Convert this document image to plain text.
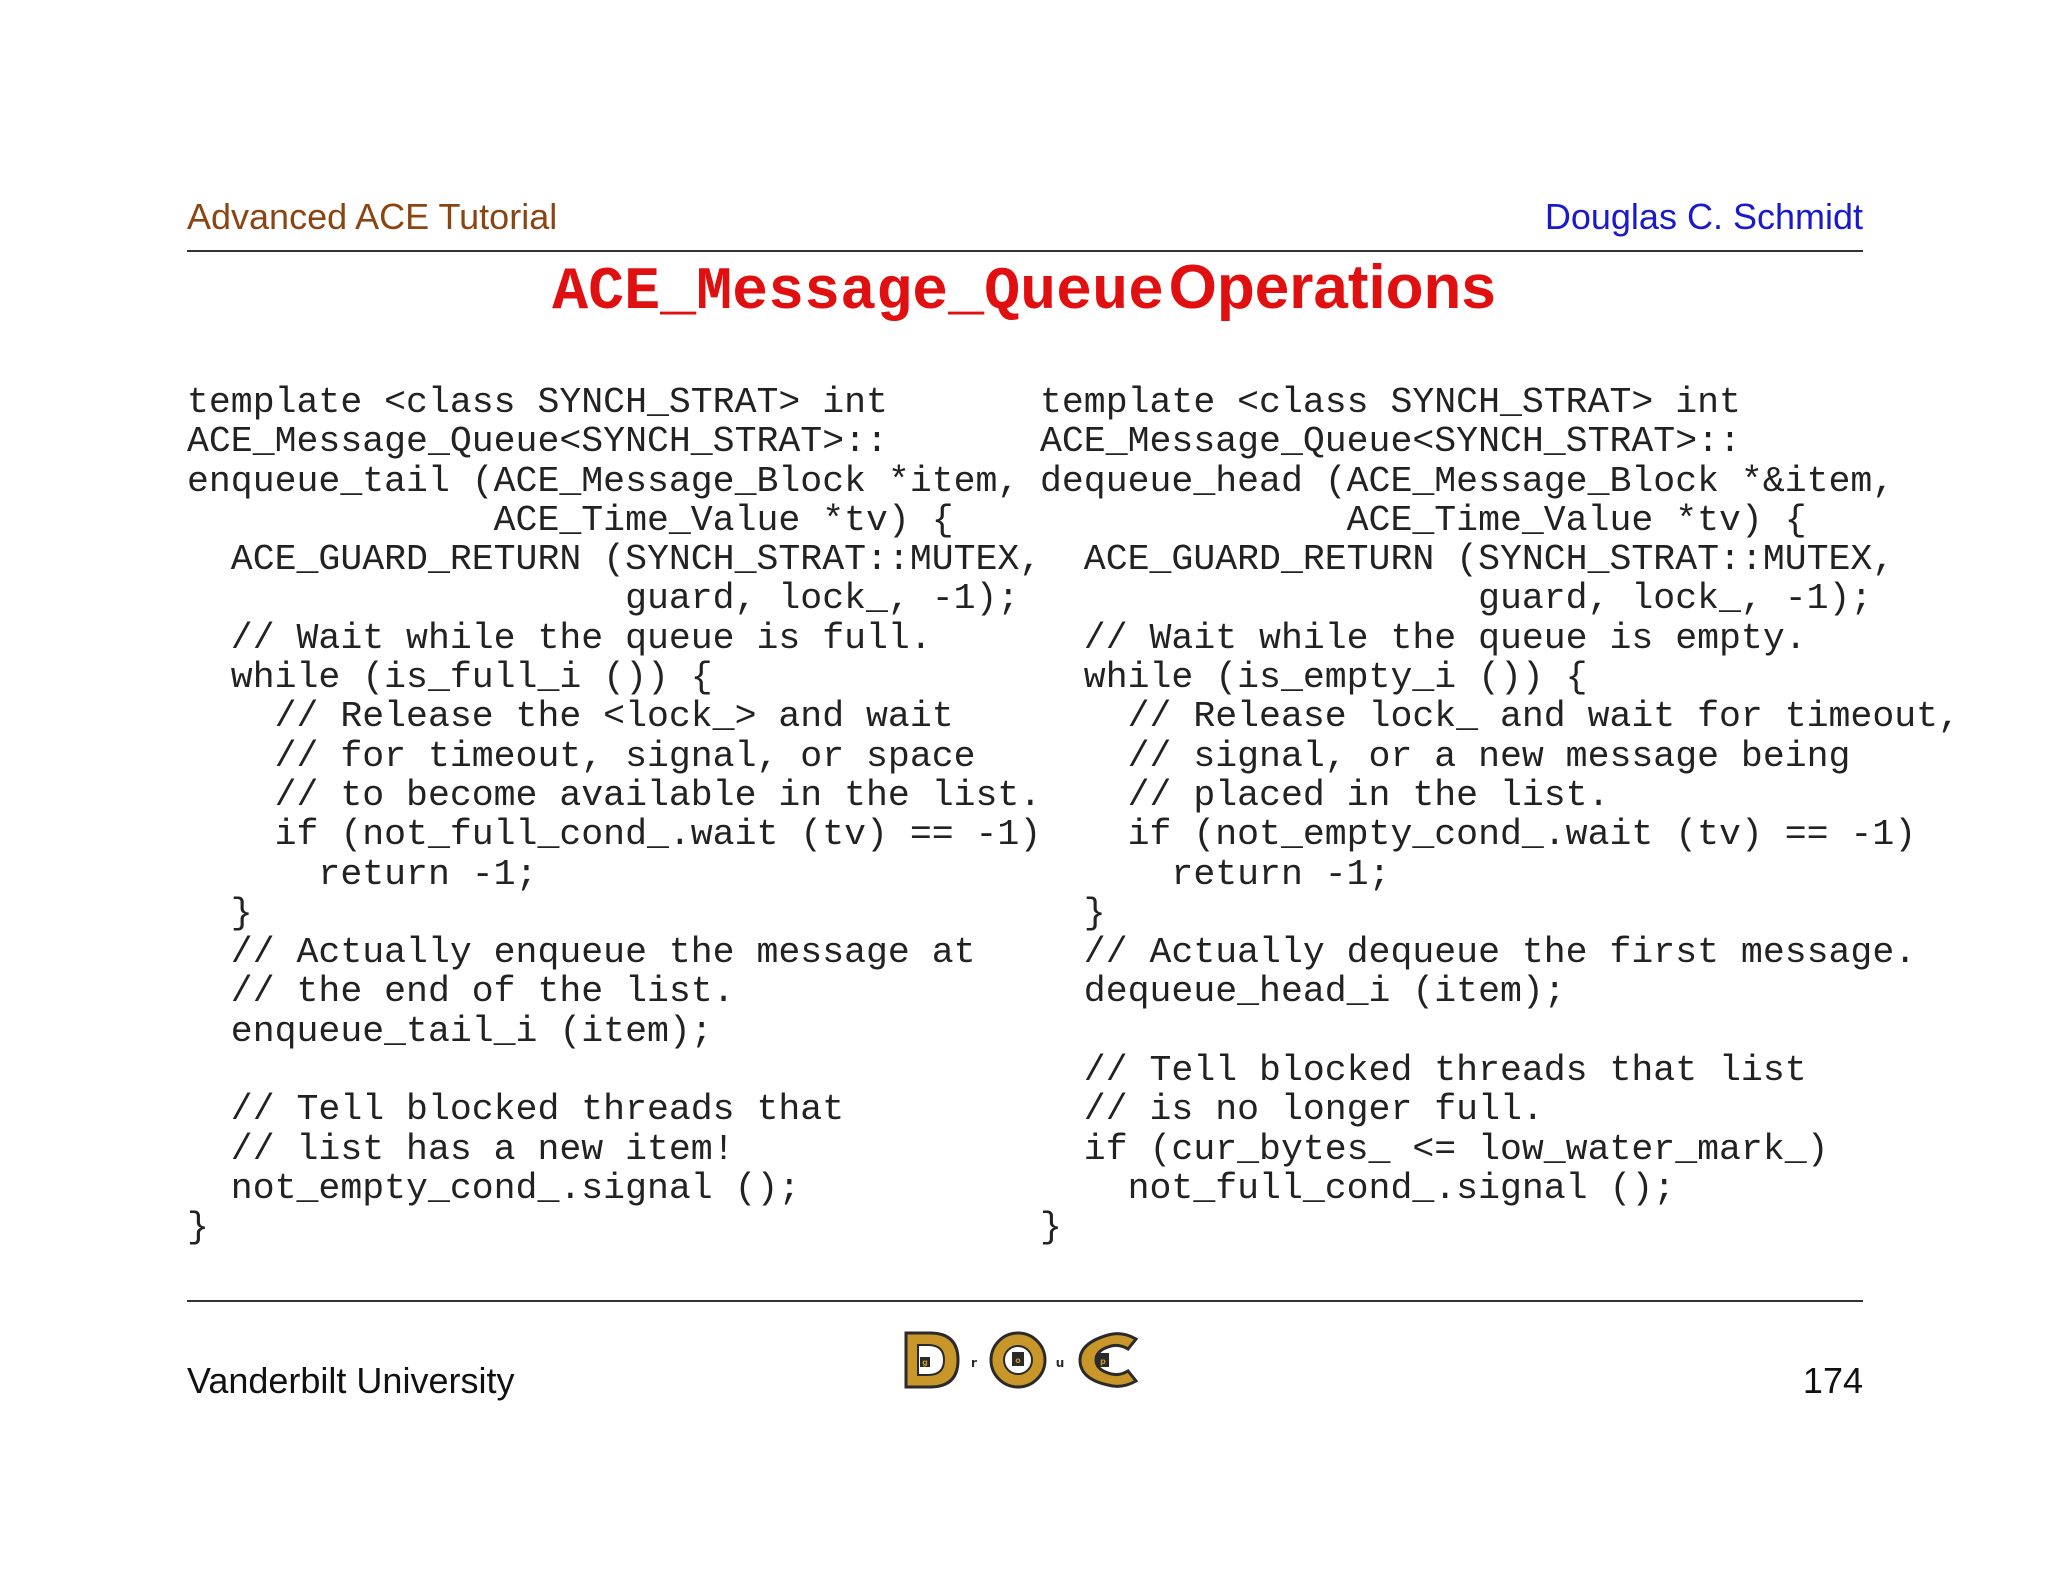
Advanced ACE Tutorial	Douglas C. Schmidt
ACE_Message_Queue Operations
template <class SYNCH_STRAT> int
ACE_Message_Queue<SYNCH_STRAT>::
enqueue_tail (ACE_Message_Block *item,
ACE_Time_Value *tv) {
ACE_GUARD_RETURN (SYNCH_STRAT::MUTEX,
guard, lock_, -1);
// Wait while the queue is full.
while (is_full_i ()) {
// Release the <lock_> and wait
// for timeout, signal, or space
// to become available in the list.
if (not_full_cond_.wait (tv) == -1)
return -1;
}
// Actually enqueue the message at
// the end of the list.
enqueue_tail_i (item);

// Tell blocked threads that
// list has a new item!
not_empty_cond_.signal ();
}
template <class SYNCH_STRAT> int
ACE_Message_Queue<SYNCH_STRAT>::
dequeue_head (ACE_Message_Block *&item,
ACE_Time_Value *tv) {
ACE_GUARD_RETURN (SYNCH_STRAT::MUTEX,
guard, lock_, -1);
// Wait while the queue is empty.
while (is_empty_i ()) {
// Release lock_ and wait for timeout,
// signal, or a new message being
// placed in the list.
if (not_empty_cond_.wait (tv) == -1)
return -1;
}
// Actually dequeue the first message.
dequeue_head_i (item);

// Tell blocked threads that list
// is no longer full.
if (cur_bytes_ <= low_water_mark_)
not_full_cond_.signal ();
}
Vanderbilt University	g	r	o	u	p	174
